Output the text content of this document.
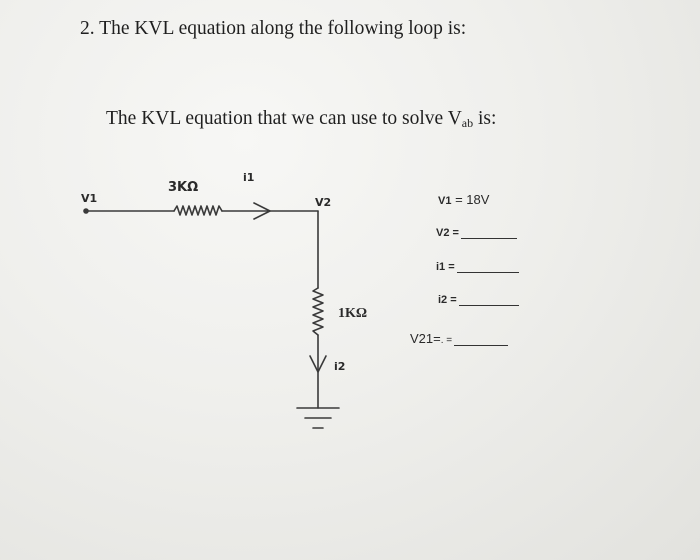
2. The KVL equation along the following loop is:
The KVL equation that we can use to solve $V_{ab}$ is:
V1
3KΩ
i1
V2
1KΩ
i2
V1
= 18V
V2 =
i1 =
i2 =
V21= . =
